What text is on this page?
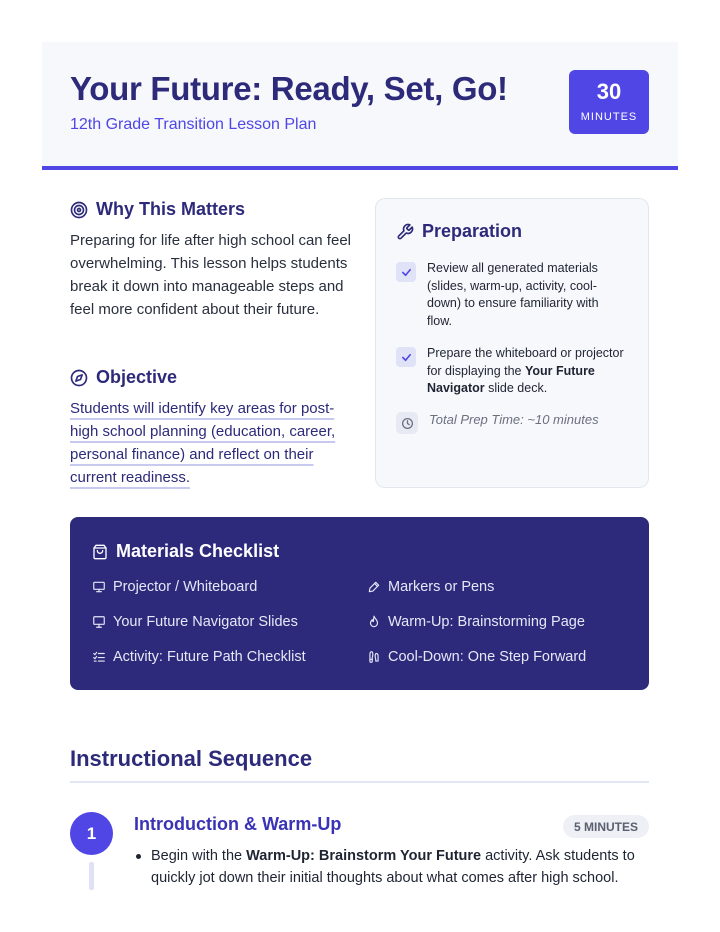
Your Future: Ready, Set, Go!
12th Grade Transition Lesson Plan
30
MINUTES
Why This Matters

Preparing for life after high school can feel overwhelming. This lesson helps students break it down into manageable steps and feel more confident about their future.

Objective

Students will identify key areas for post-high school planning (education, career, personal finance) and reflect on their current readiness.

Preparation
Review all generated materials (slides, warm-up, activity, cool-down) to ensure familiarity with flow.
Prepare the whiteboard or projector for displaying the Your Future Navigator slide deck.
Total Prep Time: ~10 minutes
Materials Checklist
Projector / Whiteboard	Markers or Pens
Your Future Navigator Slides	Warm-Up: Brainstorming Page
Activity: Future Path Checklist	Cool-Down: One Step Forward
Instructional Sequence
1	Introduction & Warm-Up	5 MINUTES

Begin with the Warm-Up: Brainstorm Your Future activity. Ask students to quickly jot down their initial thoughts about what comes after high school.
